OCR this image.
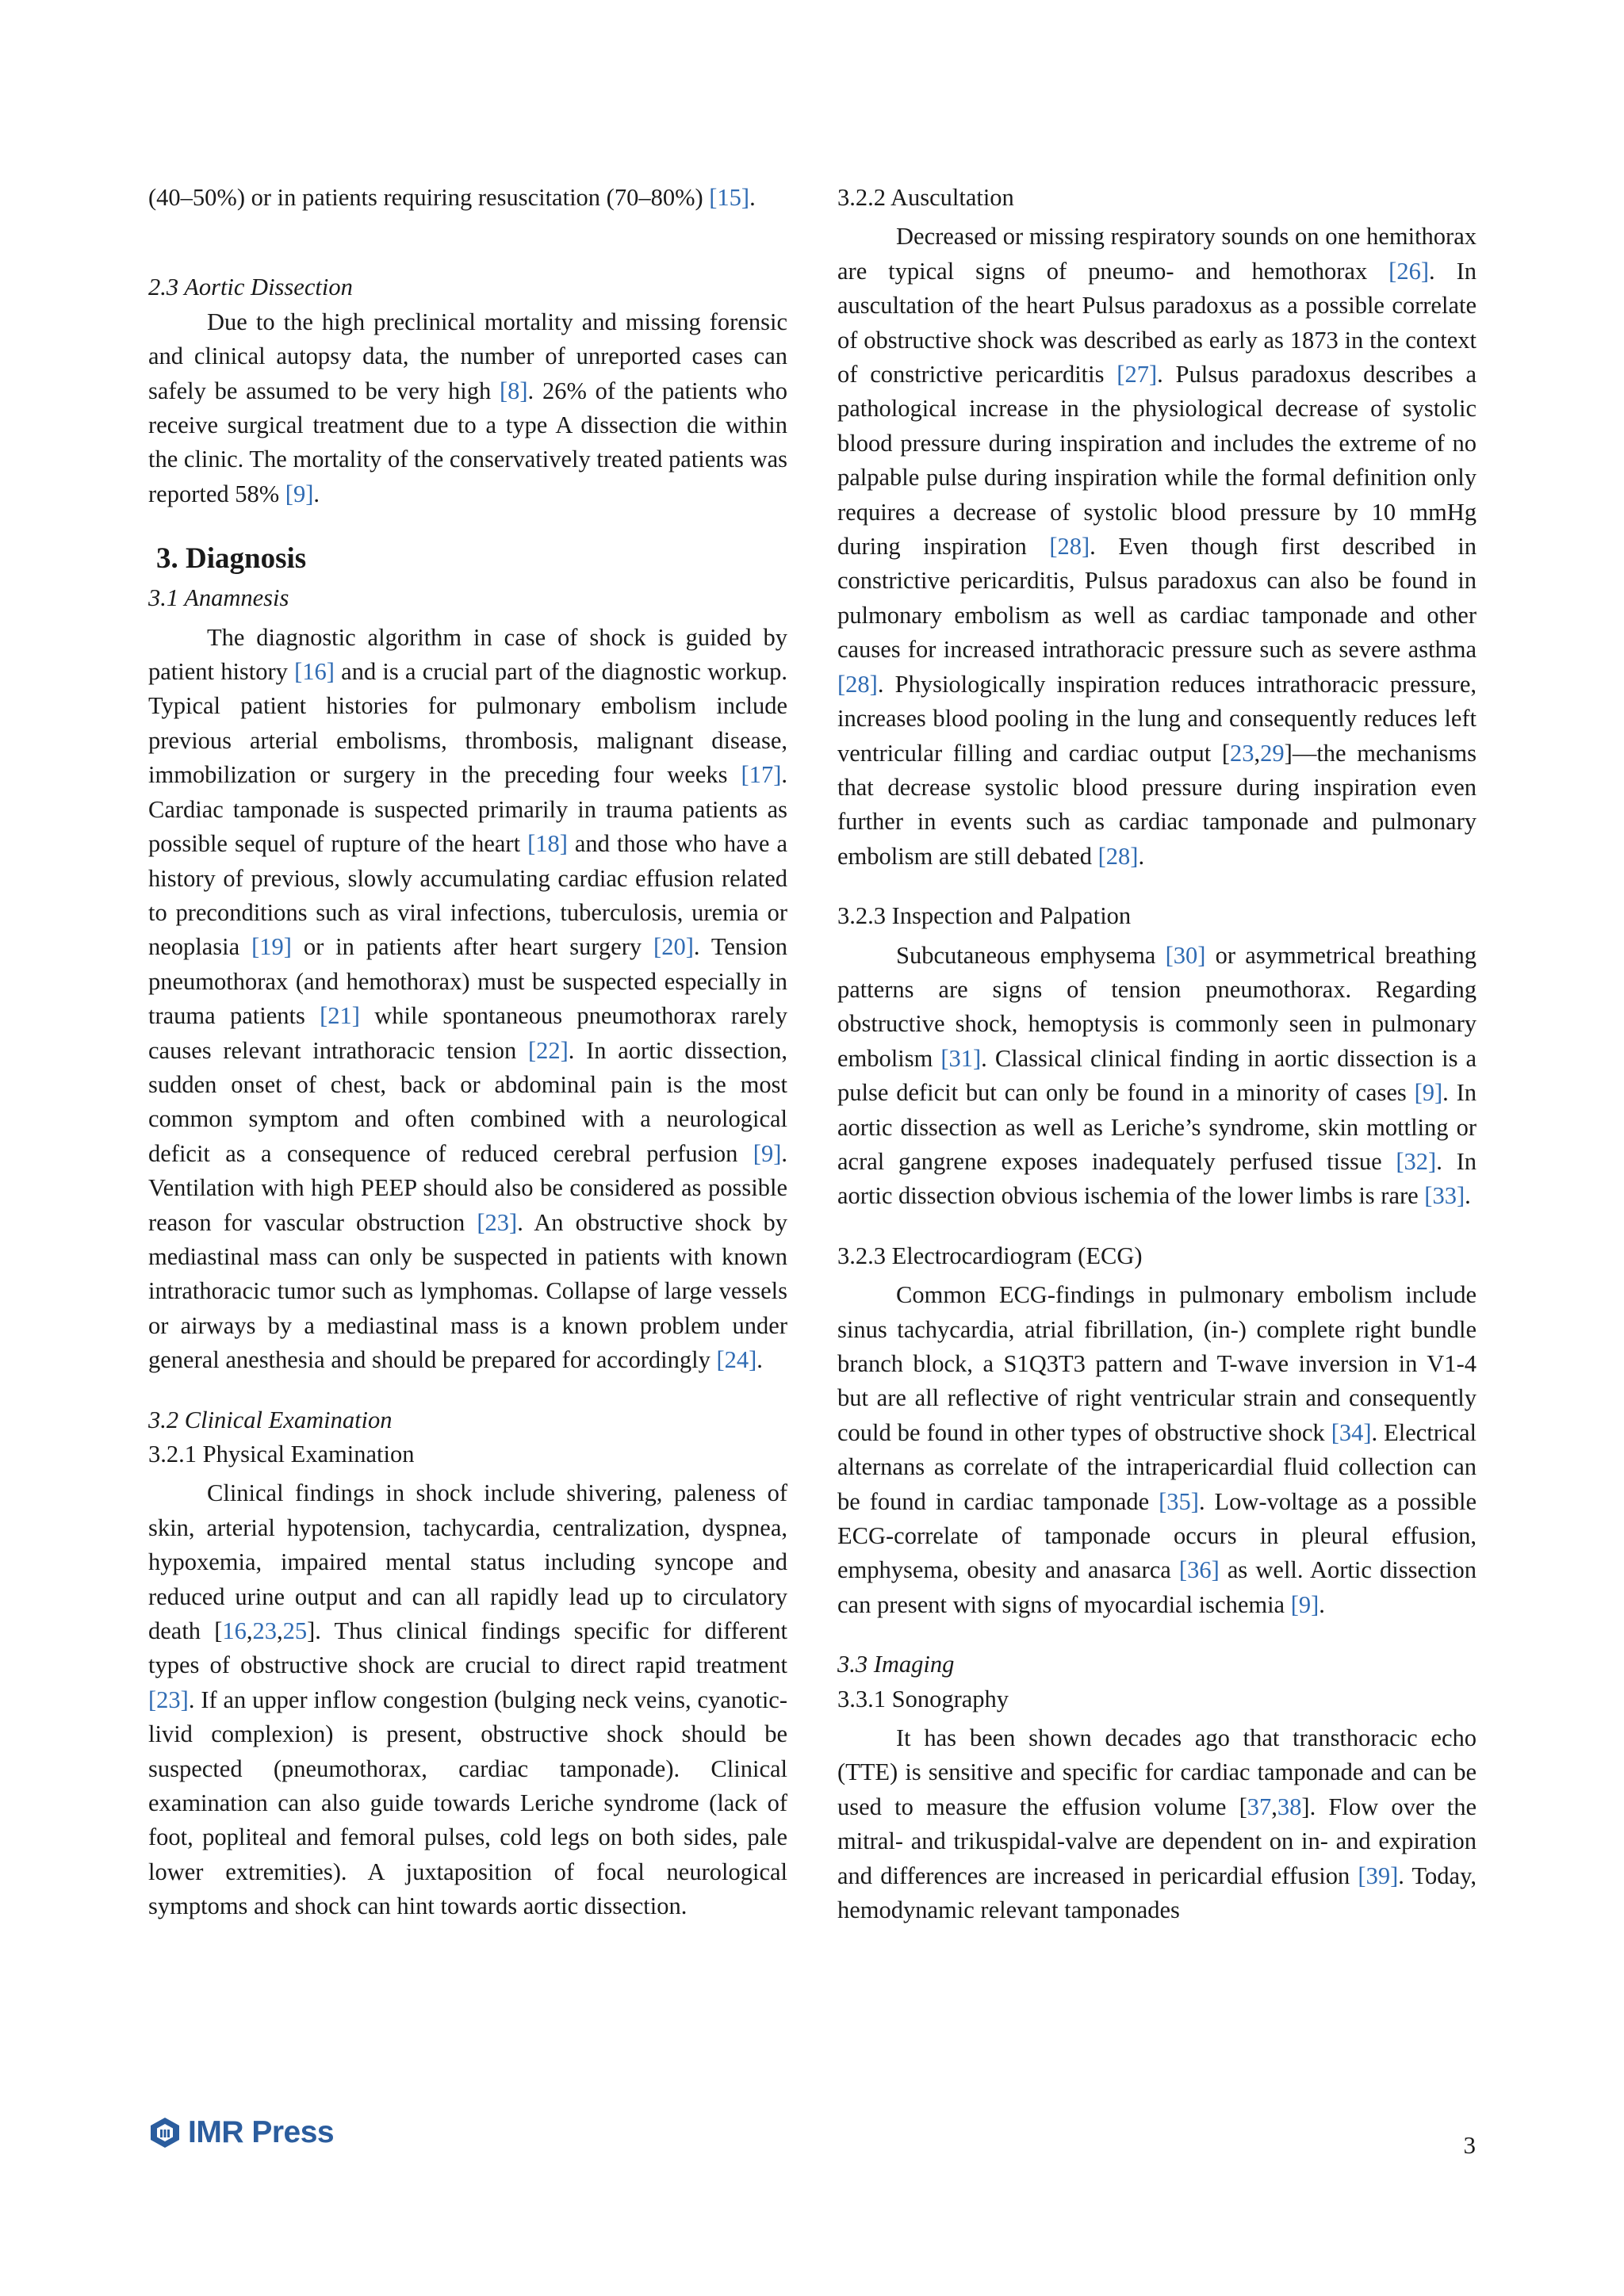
(40–50%) or in patients requiring resuscitation (70–80%) [15].

2.3 Aortic Dissection

Due to the high preclinical mortality and missing forensic and clinical autopsy data, the number of unreported cases can safely be assumed to be very high [8]. 26% of the patients who receive surgical treatment due to a type A dissection die within the clinic. The mortality of the conservatively treated patients was reported 58% [9].

3. Diagnosis
3.1 Anamnesis

The diagnostic algorithm in case of shock is guided by patient history [16] and is a crucial part of the diagnostic workup. Typical patient histories for pulmonary embolism include previous arterial embolisms, thrombosis, malignant disease, immobilization or surgery in the preceding four weeks [17]. Cardiac tamponade is suspected primarily in trauma patients as possible sequel of rupture of the heart [18] and those who have a history of previous, slowly accumulating cardiac effusion related to preconditions such as viral infections, tuberculosis, uremia or neoplasia [19] or in patients after heart surgery [20]. Tension pneumothorax (and hemothorax) must be suspected especially in trauma patients [21] while spontaneous pneumothorax rarely causes relevant intrathoracic tension [22]. In aortic dissection, sudden onset of chest, back or abdominal pain is the most common symptom and often combined with a neurological deficit as a consequence of reduced cerebral perfusion [9]. Ventilation with high PEEP should also be considered as possible reason for vascular obstruction [23]. An obstructive shock by mediastinal mass can only be suspected in patients with known intrathoracic tumor such as lymphomas. Collapse of large vessels or airways by a mediastinal mass is a known problem under general anesthesia and should be prepared for accordingly [24].

3.2 Clinical Examination
3.2.1 Physical Examination

Clinical findings in shock include shivering, paleness of skin, arterial hypotension, tachycardia, centralization, dyspnea, hypoxemia, impaired mental status including syncope and reduced urine output and can all rapidly lead up to circulatory death [16,23,25]. Thus clinical findings specific for different types of obstructive shock are crucial to direct rapid treatment [23]. If an upper inflow congestion (bulging neck veins, cyanotic-livid complexion) is present, obstructive shock should be suspected (pneumothorax, cardiac tamponade). Clinical examination can also guide towards Leriche syndrome (lack of foot, popliteal and femoral pulses, cold legs on both sides, pale lower extremities). A juxtaposition of focal neurological symptoms and shock can hint towards aortic dissection.

3.2.2 Auscultation

Decreased or missing respiratory sounds on one hemithorax are typical signs of pneumo- and hemothorax [26]. In auscultation of the heart Pulsus paradoxus as a possible correlate of obstructive shock was described as early as 1873 in the context of constrictive pericarditis [27]. Pulsus paradoxus describes a pathological increase in the physiological decrease of systolic blood pressure during inspiration and includes the extreme of no palpable pulse during inspiration while the formal definition only requires a decrease of systolic blood pressure by 10 mmHg during inspiration [28]. Even though first described in constrictive pericarditis, Pulsus paradoxus can also be found in pulmonary embolism as well as cardiac tamponade and other causes for increased intrathoracic pressure such as severe asthma [28]. Physiologically inspiration reduces intrathoracic pressure, increases blood pooling in the lung and consequently reduces left ventricular filling and cardiac output [23,29]—the mechanisms that decrease systolic blood pressure during inspiration even further in events such as cardiac tamponade and pulmonary embolism are still debated [28].

3.2.3 Inspection and Palpation

Subcutaneous emphysema [30] or asymmetrical breathing patterns are signs of tension pneumothorax. Regarding obstructive shock, hemoptysis is commonly seen in pulmonary embolism [31]. Classical clinical finding in aortic dissection is a pulse deficit but can only be found in a minority of cases [9]. In aortic dissection as well as Leriche’s syndrome, skin mottling or acral gangrene exposes inadequately perfused tissue [32]. In aortic dissection obvious ischemia of the lower limbs is rare [33].

3.2.3 Electrocardiogram (ECG)

Common ECG-findings in pulmonary embolism include sinus tachycardia, atrial fibrillation, (in-) complete right bundle branch block, a S1Q3T3 pattern and T-wave inversion in V1-4 but are all reflective of right ventricular strain and consequently could be found in other types of obstructive shock [34]. Electrical alternans as correlate of the intrapericardial fluid collection can be found in cardiac tamponade [35]. Low-voltage as a possible ECG-correlate of tamponade occurs in pleural effusion, emphysema, obesity and anasarca [36] as well. Aortic dissection can present with signs of myocardial ischemia [9].

3.3 Imaging
3.3.1 Sonography

It has been shown decades ago that transthoracic echo (TTE) is sensitive and specific for cardiac tamponade and can be used to measure the effusion volume [37,38]. Flow over the mitral- and trikuspidal-valve are dependent on in- and expiration and differences are increased in pericardial effusion [39]. Today, hemodynamic relevant tamponades

IMR Press	3
